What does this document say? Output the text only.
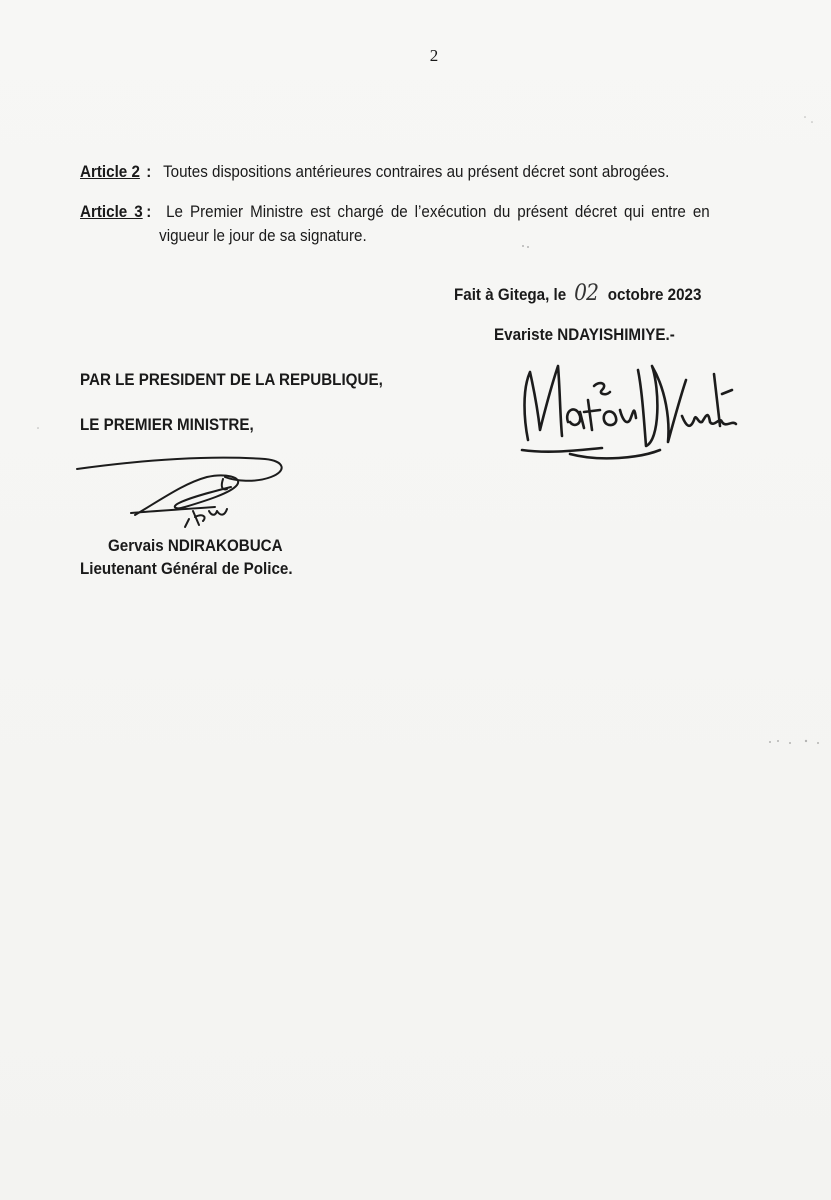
2
Article 2 : Toutes dispositions antérieures contraires au présent décret sont abrogées.
Article 3 : Le Premier Ministre est chargé de l’exécution du présent décret qui entre en
vigueur le jour de sa signature.
Fait à Gitega, le 02 octobre 2023
Evariste NDAYISHIMIYE.-
PAR LE PRESIDENT DE LA REPUBLIQUE,
LE PREMIER MINISTRE,
Gervais NDIRAKOBUCA
Lieutenant Général de Police.
